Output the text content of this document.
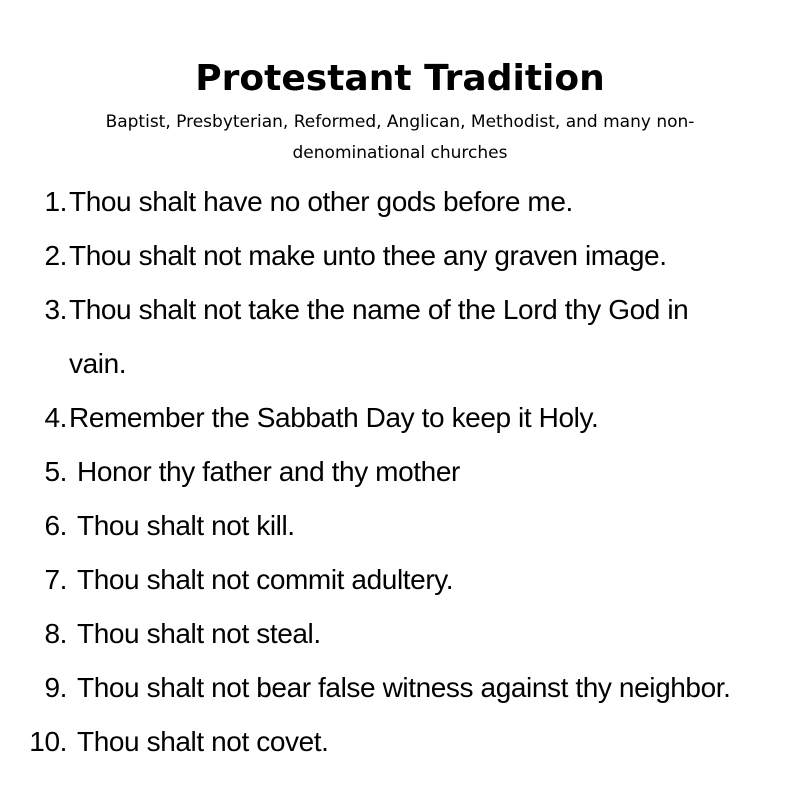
Protestant Tradition

Baptist, Presbyterian, Reformed, Anglican, Methodist, and many non-denominational churches

1. Thou shalt have no other gods before me.
2. Thou shalt not make unto thee any graven image.
3. Thou shalt not take the name of the Lord thy God in vain.
4. Remember the Sabbath Day to keep it Holy.
5. Honor thy father and thy mother
6. Thou shalt not kill.
7. Thou shalt not commit adultery.
8. Thou shalt not steal.
9. Thou shalt not bear false witness against thy neighbor.
10. Thou shalt not covet.
